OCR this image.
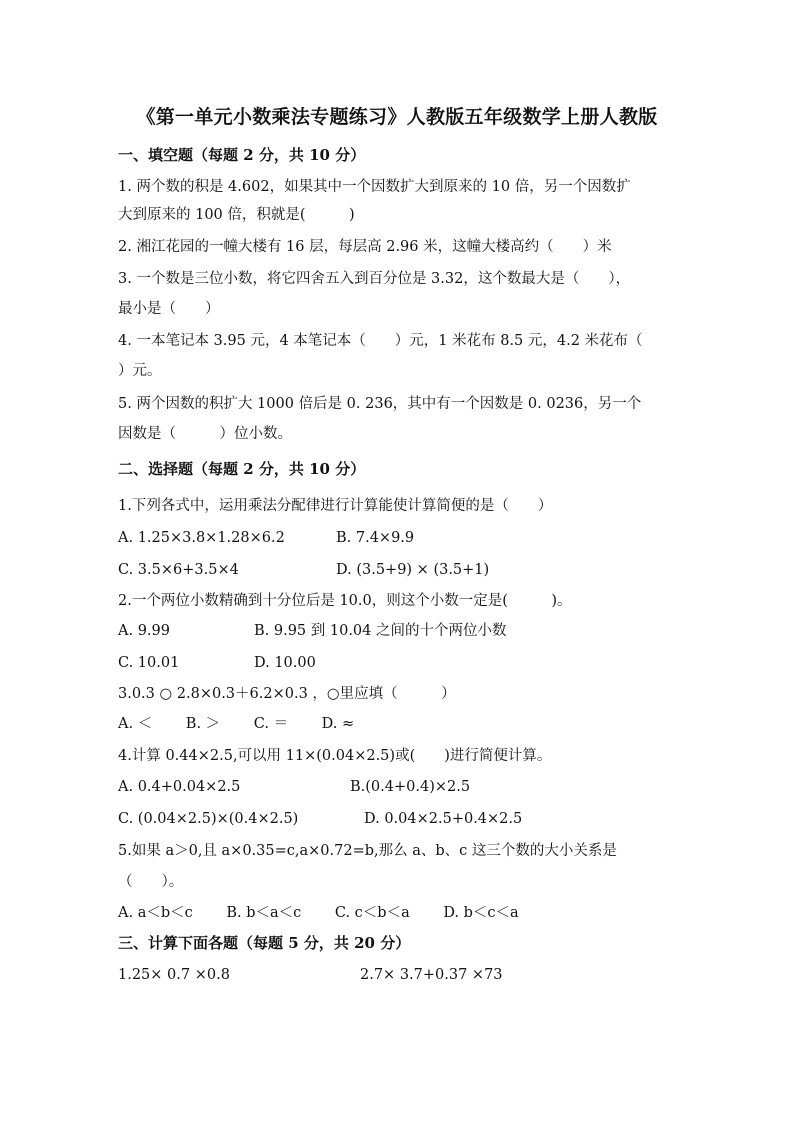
《第一单元小数乘法专题练习》人教版五年级数学上册人教版
一、填空题（每题 2 分，共 10 分）
1. 两个数的积是 4.602，如果其中一个因数扩大到原来的 10 倍，另一个因数扩
大到原来的 100 倍，积就是(　　　)
2. 湘江花园的一幢大楼有 16 层，每层高 2.96 米，这幢大楼高约（　　）米
3. 一个数是三位小数，将它四舍五入到百分位是 3.32，这个数最大是（　　），
最小是（　　）
4. 一本笔记本 3.95 元，4 本笔记本（　　）元，1 米花布 8.5 元，4.2 米花布（
）元。
5. 两个因数的积扩大 1000 倍后是 0. 236，其中有一个因数是 0. 0236，另一个
因数是（　　　）位小数。
二、选择题（每题 2 分，共 10 分）
1.下列各式中，运用乘法分配律进行计算能使计算简便的是（　　）
A. 1.25×3.8×1.28×6.2	B. 7.4×9.9
C. 3.5×6+3.5×4	D. (3.5+9) × (3.5+1)
2.一个两位小数精确到十分位后是 10.0，则这个小数一定是(　　　)。
A. 9.99	B. 9.95 到 10.04 之间的十个两位小数
C. 10.01	D. 10.00
3.0.3 ○ 2.8×0.3＋6.2×0.3 ，○里应填（　　　）
A. ＜　　 B. ＞　　 C. ＝　　 D. ≈
4.计算 0.44×2.5,可以用 11×(0.04×2.5)或(　　)进行简便计算。
A. 0.4+0.04×2.5	B.(0.4+0.4)×2.5
C. (0.04×2.5)×(0.4×2.5)	D. 0.04×2.5+0.4×2.5
5.如果 a＞0,且 a×0.35=c,a×0.72=b,那么 a、b、c 这三个数的大小关系是
（　　）。
A. a＜b＜c　　 B. b＜a＜c　　 C. c＜b＜a　　 D. b＜c＜a
三、计算下面各题（每题 5 分，共 20 分）
1.25× 0.7 ×0.8	2.7× 3.7+0.37 ×73
